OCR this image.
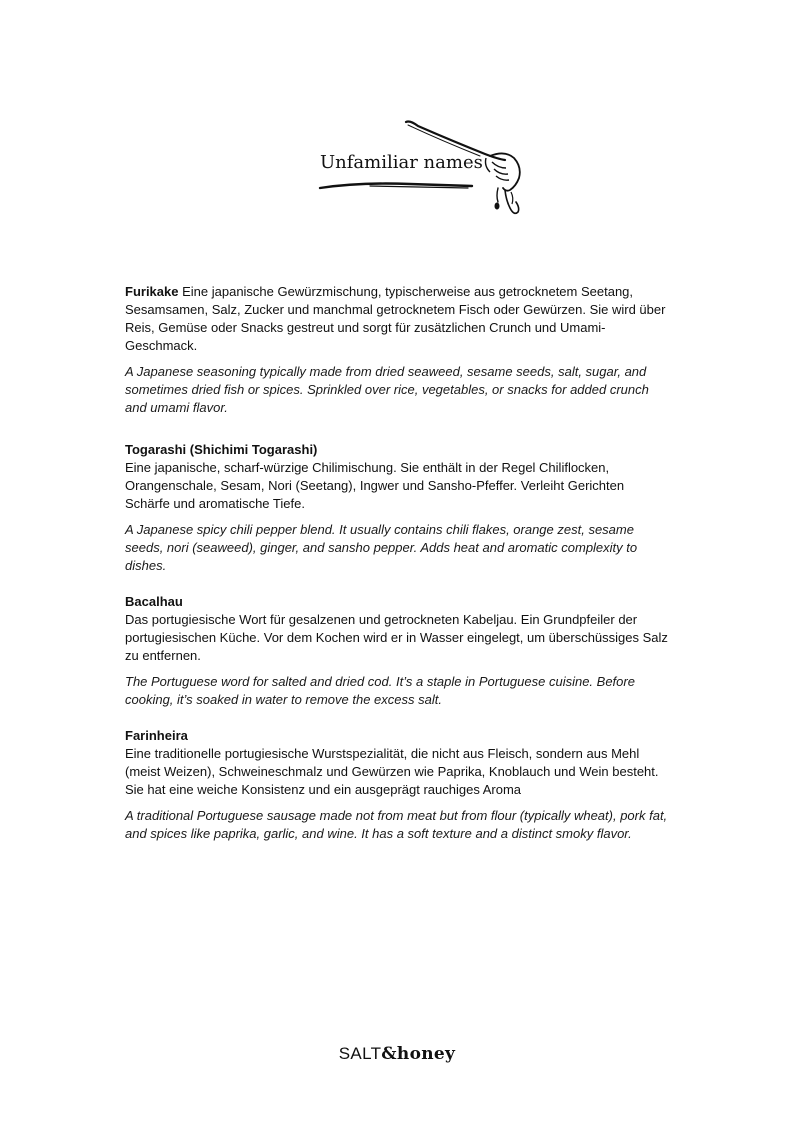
Unfamiliar names

Furikake Eine japanische Gewürzmischung, typischerweise aus getrocknetem Seetang, Sesamsamen, Salz, Zucker und manchmal getrocknetem Fisch oder Gewürzen. Sie wird über Reis, Gemüse oder Snacks gestreut und sorgt für zusätzlichen Crunch und Umami-Geschmack.

A Japanese seasoning typically made from dried seaweed, sesame seeds, salt, sugar, and sometimes dried fish or spices. Sprinkled over rice, vegetables, or snacks for added crunch and umami flavor.

Togarashi (Shichimi Togarashi)

Eine japanische, scharf-würzige Chilimischung. Sie enthält in der Regel Chiliflocken, Orangenschale, Sesam, Nori (Seetang), Ingwer und Sansho-Pfeffer. Verleiht Gerichten Schärfe und aromatische Tiefe.

A Japanese spicy chili pepper blend. It usually contains chili flakes, orange zest, sesame seeds, nori (seaweed), ginger, and sansho pepper. Adds heat and aromatic complexity to dishes.

Bacalhau

Das portugiesische Wort für gesalzenen und getrockneten Kabeljau. Ein Grundpfeiler der portugiesischen Küche. Vor dem Kochen wird er in Wasser eingelegt, um überschüssiges Salz zu entfernen.

The Portuguese word for salted and dried cod. It’s a staple in Portuguese cuisine. Before cooking, it’s soaked in water to remove the excess salt.

Farinheira

Eine traditionelle portugiesische Wurstspezialität, die nicht aus Fleisch, sondern aus Mehl (meist Weizen), Schweineschmalz und Gewürzen wie Paprika, Knoblauch und Wein besteht. Sie hat eine weiche Konsistenz und ein ausgeprägt rauchiges Aroma

A traditional Portuguese sausage made not from meat but from flour (typically wheat), pork fat, and spices like paprika, garlic, and wine. It has a soft texture and a distinct smoky flavor.

SALT&honey
